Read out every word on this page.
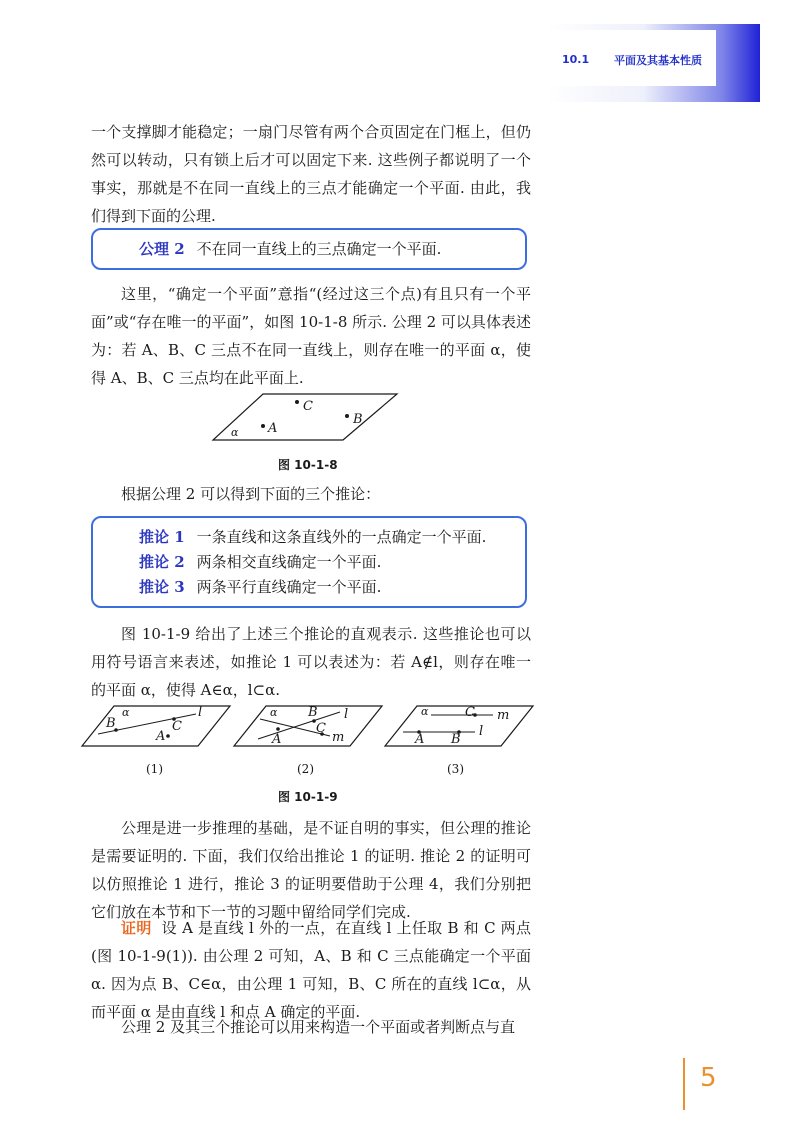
10.1 平面及其基本性质

一个支撑脚才能稳定；一扇门尽管有两个合页固定在门框上，但仍然可以转动，只有锁上后才可以固定下来. 这些例子都说明了一个事实，那就是不在同一直线上的三点才能确定一个平面. 由此，我们得到下面的公理.

公理 2 不在同一直线上的三点确定一个平面.

这里，“确定一个平面”意指“(经过这三个点)有且只有一个平面”或“存在唯一的平面”，如图 10-1-8 所示. 公理 2 可以具体表述为：若 A、B、C 三点不在同一直线上，则存在唯一的平面 α，使得 A、B、C 三点均在此平面上.

C
B
A
α
图 10-1-8

根据公理 2 可以得到下面的三个推论：

推论 1 一条直线和这条直线外的一点确定一个平面.
推论 2 两条相交直线确定一个平面.
推论 3 两条平行直线确定一个平面.

图 10-1-9 给出了上述三个推论的直观表示. 这些推论也可以用符号语言来表述，如推论 1 可以表述为：若 A∉l，则存在唯一的平面 α，使得 A∈α，l⊂α.

α
B	C
A
l	α
A
B
C
l
m
α	C m
A B
l
(1)	(2)	(3)
图 10-1-9

公理是进一步推理的基础，是不证自明的事实，但公理的推论是需要证明的. 下面，我们仅给出推论 1 的证明. 推论 2 的证明可以仿照推论 1 进行，推论 3 的证明要借助于公理 4，我们分别把它们放在本节和下一节的习题中留给同学们完成.

证明 设 A 是直线 l 外的一点，在直线 l 上任取 B 和 C 两点(图 10-1-9(1)). 由公理 2 可知，A、B 和 C 三点能确定一个平面α. 因为点 B、C∈α，由公理 1 可知，B、C 所在的直线 l⊂α，从而平面 α 是由直线 l 和点 A 确定的平面.

公理 2 及其三个推论可以用来构造一个平面或者判断点与直

5
